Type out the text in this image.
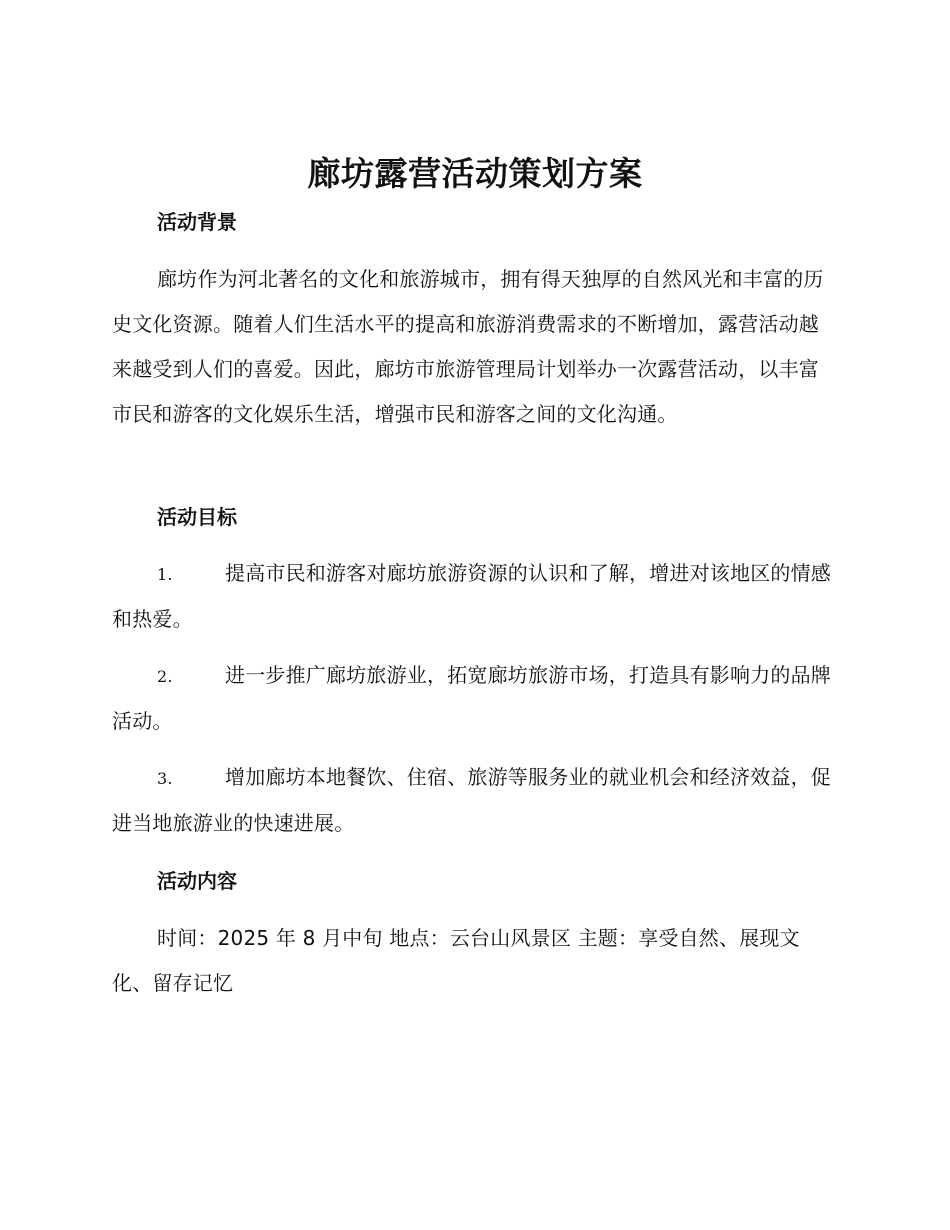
廊坊露营活动策划方案
活动背景

廊坊作为河北著名的文化和旅游城市，拥有得天独厚的自然风光和丰富的历史文化资源。随着人们生活水平的提高和旅游消费需求的不断增加，露营活动越来越受到人们的喜爱。因此，廊坊市旅游管理局计划举办一次露营活动，以丰富市民和游客的文化娱乐生活，增强市民和游客之间的文化沟通。

活动目标

1.	提高市民和游客对廊坊旅游资源的认识和了解，增进对该地区的情感和热爱。

2.	进一步推广廊坊旅游业，拓宽廊坊旅游市场，打造具有影响力的品牌活动。

3.	增加廊坊本地餐饮、住宿、旅游等服务业的就业机会和经济效益，促进当地旅游业的快速进展。

活动内容

时间：2025 年 8 月中旬 地点：云台山风景区 主题：享受自然、展现文化、留存记忆
